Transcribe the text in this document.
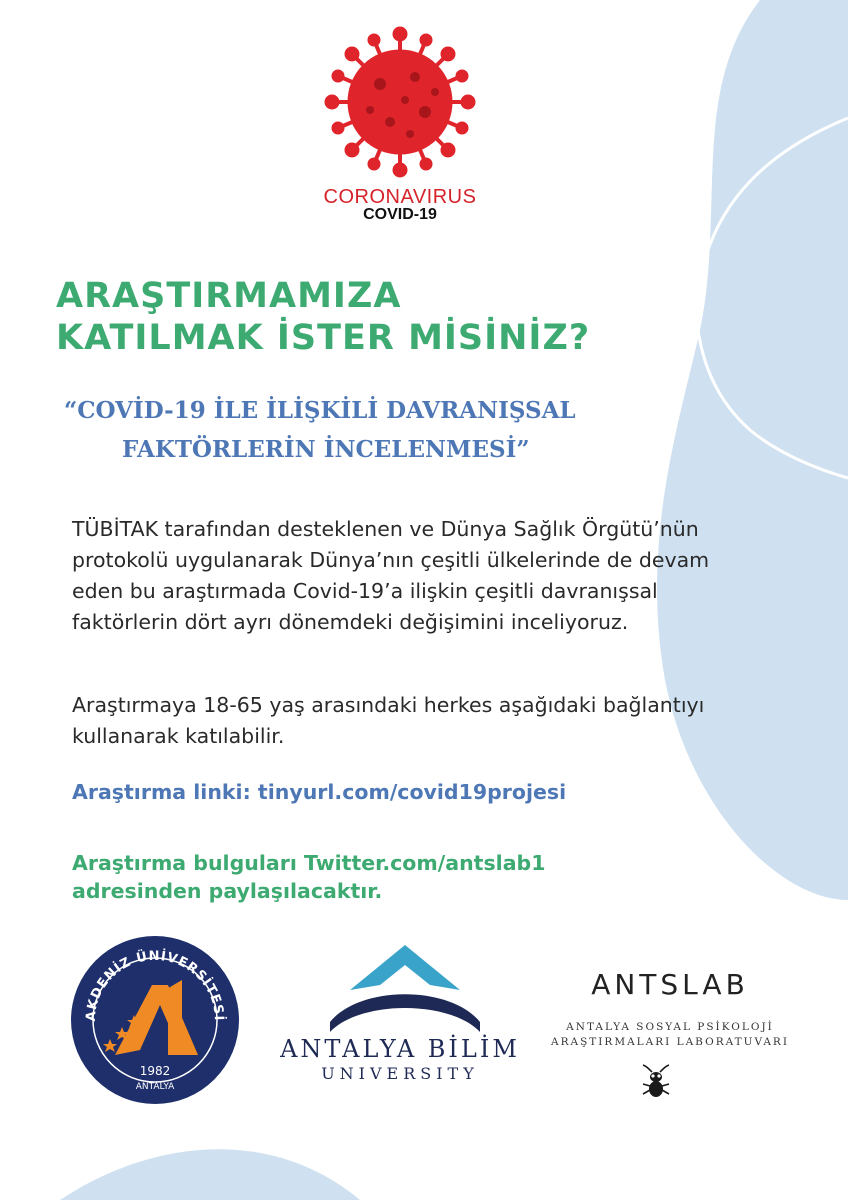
CORONAVIRUS
COVID-19
ARAŞTIRMAMIZA
KATILMAK İSTER MİSİNİZ?
“COVİD-19 İLE İLİŞKİLİ DAVRANIŞSAL
FAKTÖRLERİN İNCELENMESİ”
TÜBİTAK tarafından desteklenen ve Dünya Sağlık Örgütü’nün protokolü uygulanarak Dünya’nın çeşitli ülkelerinde de devam eden bu araştırmada Covid-19’a ilişkin çeşitli davranışsal faktörlerin dört ayrı dönemdeki değişimini inceliyoruz.
Araştırmaya 18-65 yaş arasındaki herkes aşağıdaki bağlantıyı kullanarak katılabilir.
Araştırma linki: tinyurl.com/covid19projesi
Araştırma bulguları Twitter.com/antslab1
adresinden paylaşılacaktır.
AKDENİZ ÜNİVERSİTESİ
1982
ANTALYA
ANTALYA BİLİM
UNIVERSITY
ANTSLAB
ANTALYA SOSYAL PSİKOLOJİ
ARAŞTIRMALARI LABORATUVARI
